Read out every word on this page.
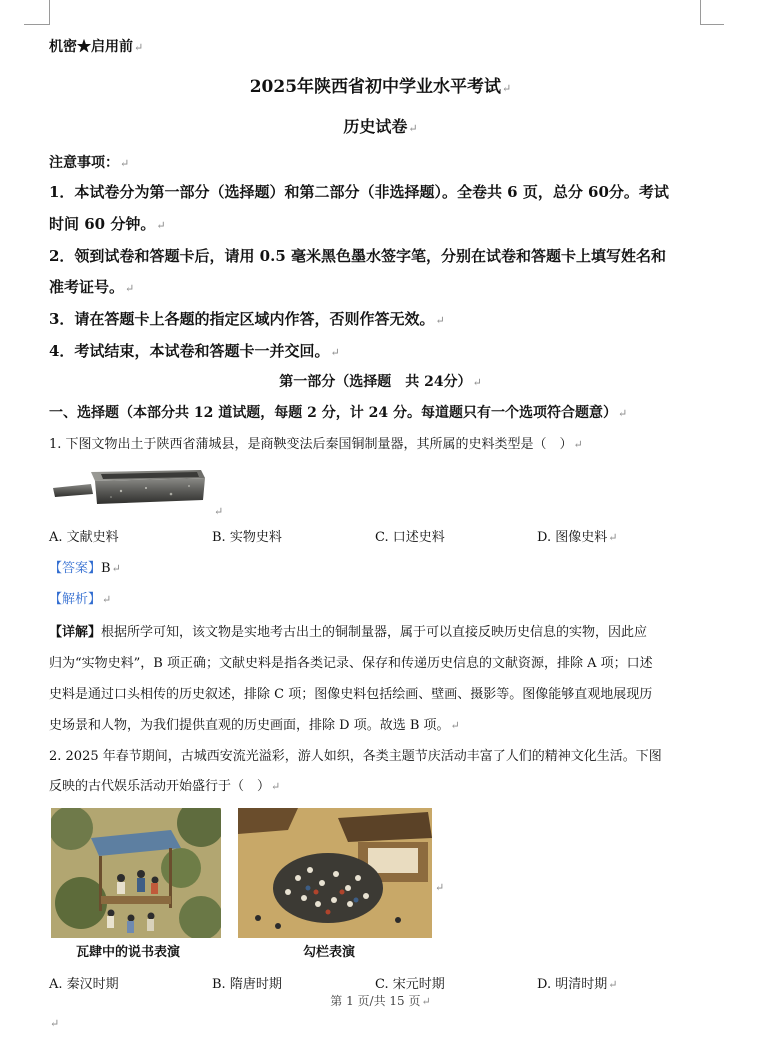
机密★启用前↵
2025年陕西省初中学业水平考试↵
历史试卷↵
注意事项：↵
1．本试卷分为第一部分（选择题）和第二部分（非选择题）。全卷共 6 页，总分 60分。考试
时间 60 分钟。↵
2．领到试卷和答题卡后，请用 0.5 毫米黑色墨水签字笔，分别在试卷和答题卡上填写姓名和
准考证号。↵
3．请在答题卡上各题的指定区域内作答，否则作答无效。↵
4．考试结束，本试卷和答题卡一并交回。↵
第一部分（选择题　共 24分）↵
一、选择题（本部分共 12 道试题，每题 2 分，计 24 分。每道题只有一个选项符合题意）↵
1. 下图文物出土于陕西省蒲城县，是商鞅变法后秦国铜制量器，其所属的史料类型是（　）↵
↵
A. 文献史料	B. 实物史料	C. 口述史料	D. 图像史料↵
【答案】B↵
【解析】↵
【详解】根据所学可知，该文物是实地考古出土的铜制量器，属于可以直接反映历史信息的实物，因此应
归为“实物史料”，B 项正确；文献史料是指各类记录、保存和传递历史信息的文献资源，排除 A 项；口述
史料是通过口头相传的历史叙述，排除 C 项；图像史料包括绘画、壁画、摄影等。图像能够直观地展现历
史场景和人物，为我们提供直观的历史画面，排除 D 项。故选 B 项。↵
2. 2025 年春节期间，古城西安流光溢彩，游人如织，各类主题节庆活动丰富了人们的精神文化生活。下图
反映的古代娱乐活动开始盛行于（　）↵
↵
瓦肆中的说书表演	勾栏表演
A. 秦汉时期	B. 隋唐时期	C. 宋元时期	D. 明清时期↵
第 1 页/共 15 页↵
↵
